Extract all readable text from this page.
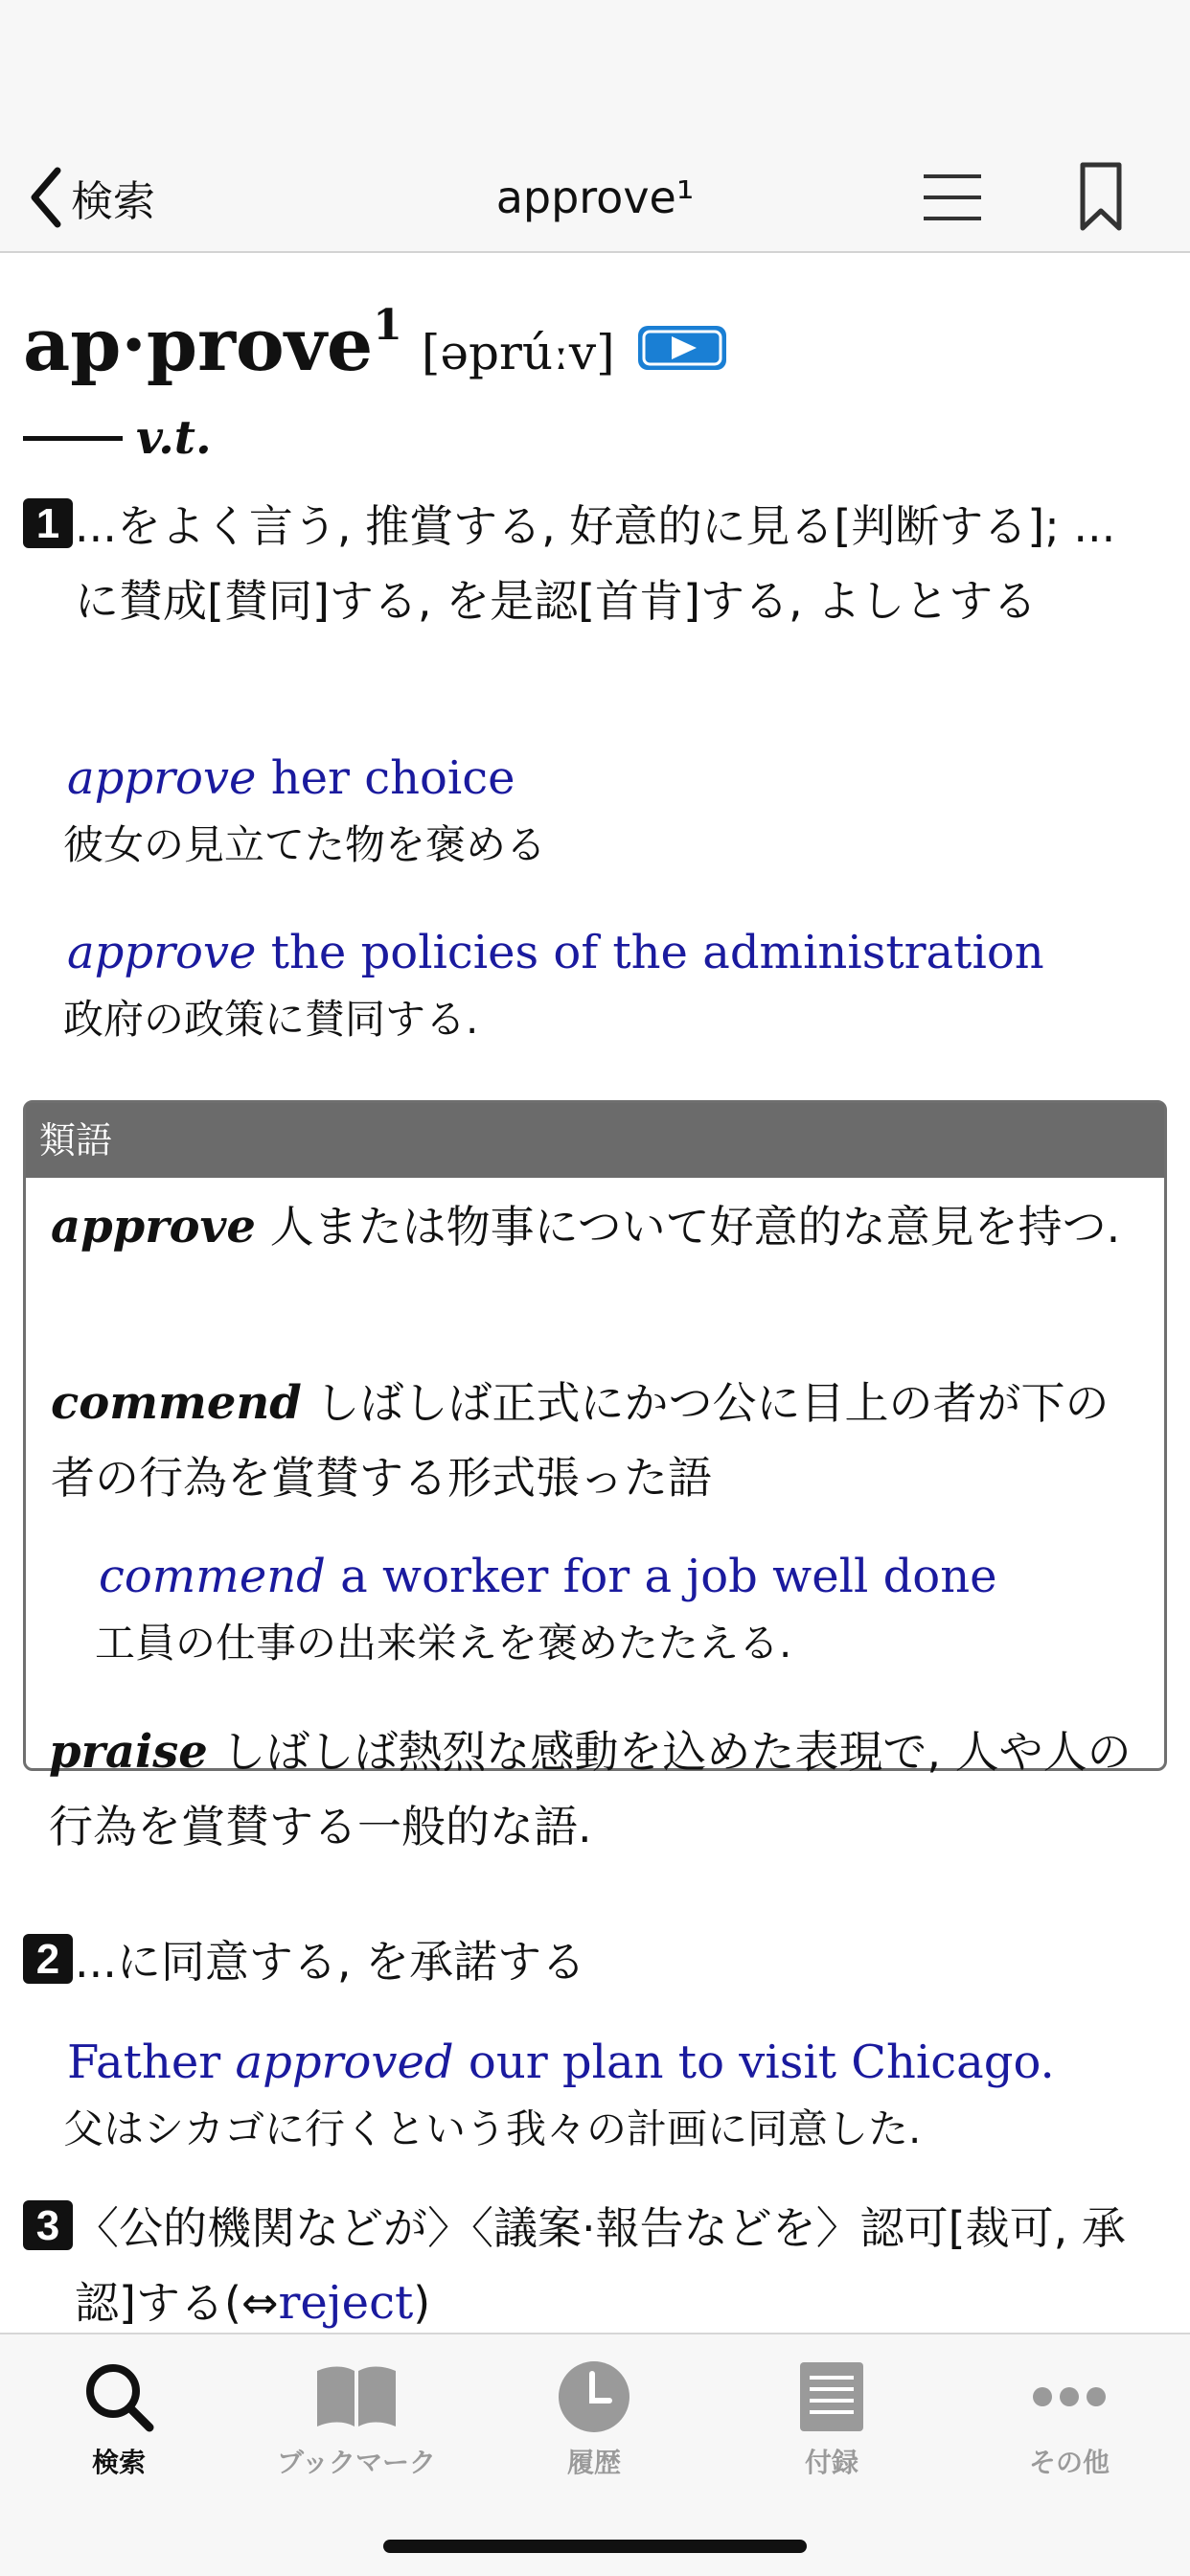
検索	approve¹
ap·prove$^1$ [əprúːv]
v.t.
1 ...をよく言う, 推賞する, 好意的に見る[判断する]; ...に賛成[賛同]する, を是認[首肯]する, よしとする
approve her choice
彼女の見立てた物を褒める
approve the policies of the administration
政府の政策に賛同する.
類語
approve 人または物事について好意的な意見を持つ.
commend しばしば正式にかつ公に目上の者が下の者の行為を賞賛する形式張った語
commend a worker for a job well done
工員の仕事の出来栄えを褒めたたえる.
praise しばしば熱烈な感動を込めた表現で, 人や人の行為を賞賛する一般的な語.
2 ...に同意する, を承諾する
Father approved our plan to visit Chicago.
父はシカゴに行くという我々の計画に同意した.
3 〈公的機関などが〉〈議案·報告などを〉認可[裁可, 承認]する(⇔reject)
検索	ブックマーク	履歴	付録	その他
